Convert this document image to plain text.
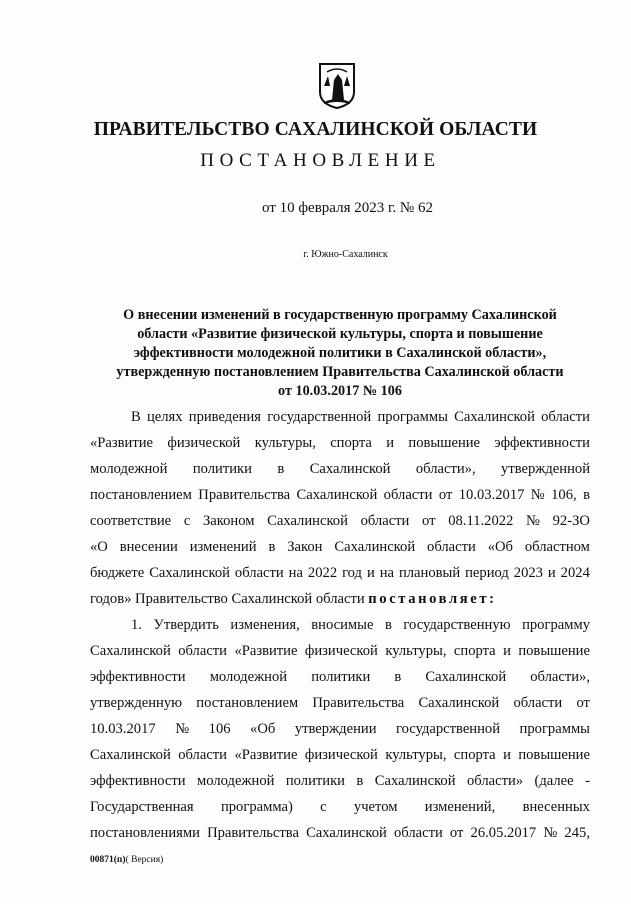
ПРАВИТЕЛЬСТВО САХАЛИНСКОЙ ОБЛАСТИ
ПОСТАНОВЛЕНИЕ
от 10 февраля 2023 г. № 62
г. Южно-Сахалинск
О внесении изменений в государственную программу Сахалинской
области «Развитие физической культуры, спорта и повышение
эффективности молодежной политики в Сахалинской области»,
утвержденную постановлением Правительства Сахалинской области
от 10.03.2017 № 106
В целях приведения государственной программы Сахалинской области
«Развитие физической культуры, спорта и повышение эффективности
молодежной политики в Сахалинской области», утвержденной
постановлением Правительства Сахалинской области от 10.03.2017 № 106, в
соответствие с Законом Сахалинской области от 08.11.2022 № 92-ЗО
«О внесении изменений в Закон Сахалинской области «Об областном
бюджете Сахалинской области на 2022 год и на плановый период 2023 и 2024
годов» Правительство Сахалинской области постановляет:
1. Утвердить изменения, вносимые в государственную программу
Сахалинской области «Развитие физической культуры, спорта и повышение
эффективности молодежной политики в Сахалинской области»,
утвержденную постановлением Правительства Сахалинской области от
10.03.2017 № 106 «Об утверждении государственной программы
Сахалинской области «Развитие физической культуры, спорта и повышение
эффективности молодежной политики в Сахалинской области» (далее -
Государственная программа) с учетом изменений, внесенных
постановлениями Правительства Сахалинской области от 26.05.2017 № 245,
00871(п)( Версия)
